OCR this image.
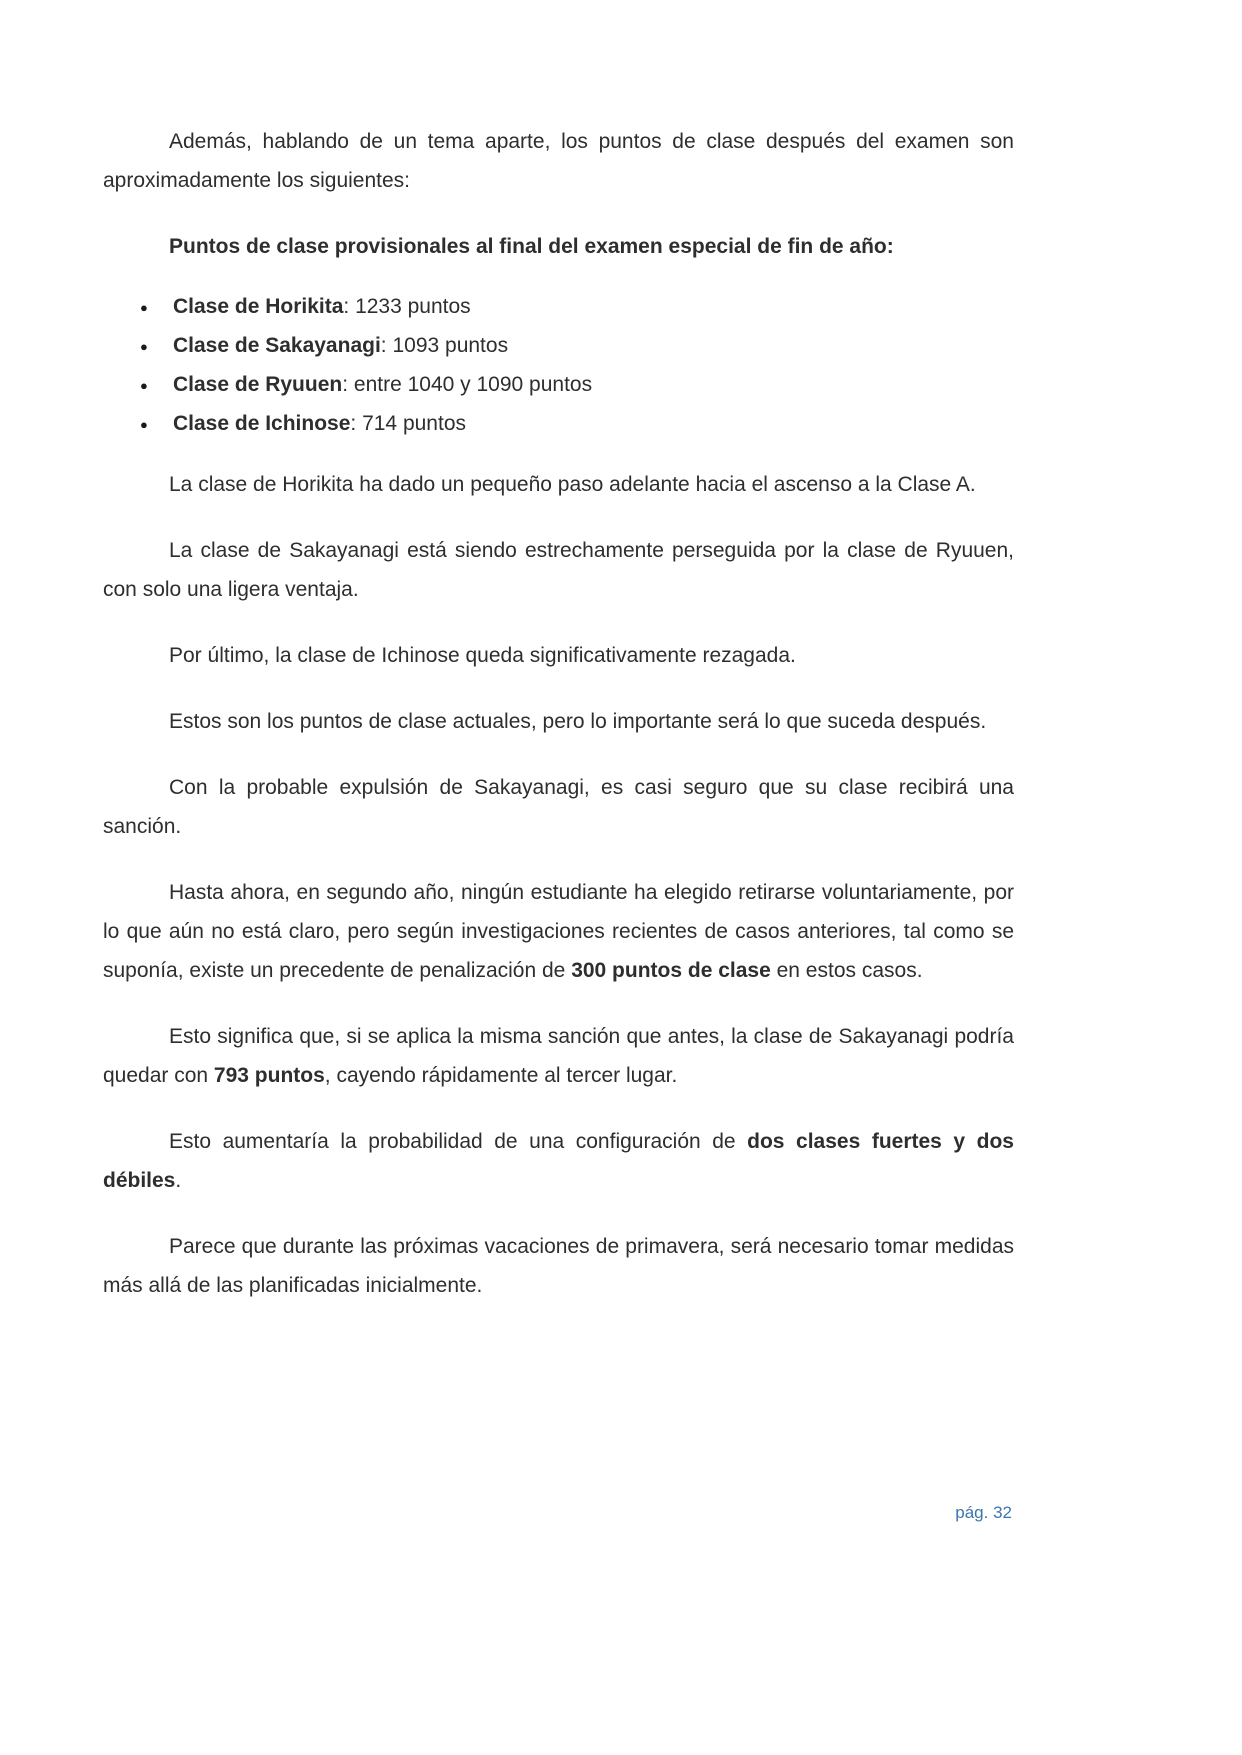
Además, hablando de un tema aparte, los puntos de clase después del examen son aproximadamente los siguientes:

Puntos de clase provisionales al final del examen especial de fin de año:

● Clase de Horikita: 1233 puntos
● Clase de Sakayanagi: 1093 puntos
● Clase de Ryuuen: entre 1040 y 1090 puntos
● Clase de Ichinose: 714 puntos

La clase de Horikita ha dado un pequeño paso adelante hacia el ascenso a la Clase A.

La clase de Sakayanagi está siendo estrechamente perseguida por la clase de Ryuuen, con solo una ligera ventaja.

Por último, la clase de Ichinose queda significativamente rezagada.

Estos son los puntos de clase actuales, pero lo importante será lo que suceda después.

Con la probable expulsión de Sakayanagi, es casi seguro que su clase recibirá una sanción.

Hasta ahora, en segundo año, ningún estudiante ha elegido retirarse voluntariamente, por lo que aún no está claro, pero según investigaciones recientes de casos anteriores, tal como se suponía, existe un precedente de penalización de 300 puntos de clase en estos casos.

Esto significa que, si se aplica la misma sanción que antes, la clase de Sakayanagi podría quedar con 793 puntos, cayendo rápidamente al tercer lugar.

Esto aumentaría la probabilidad de una configuración de dos clases fuertes y dos débiles.

Parece que durante las próximas vacaciones de primavera, será necesario tomar medidas más allá de las planificadas inicialmente.

pág. 32
